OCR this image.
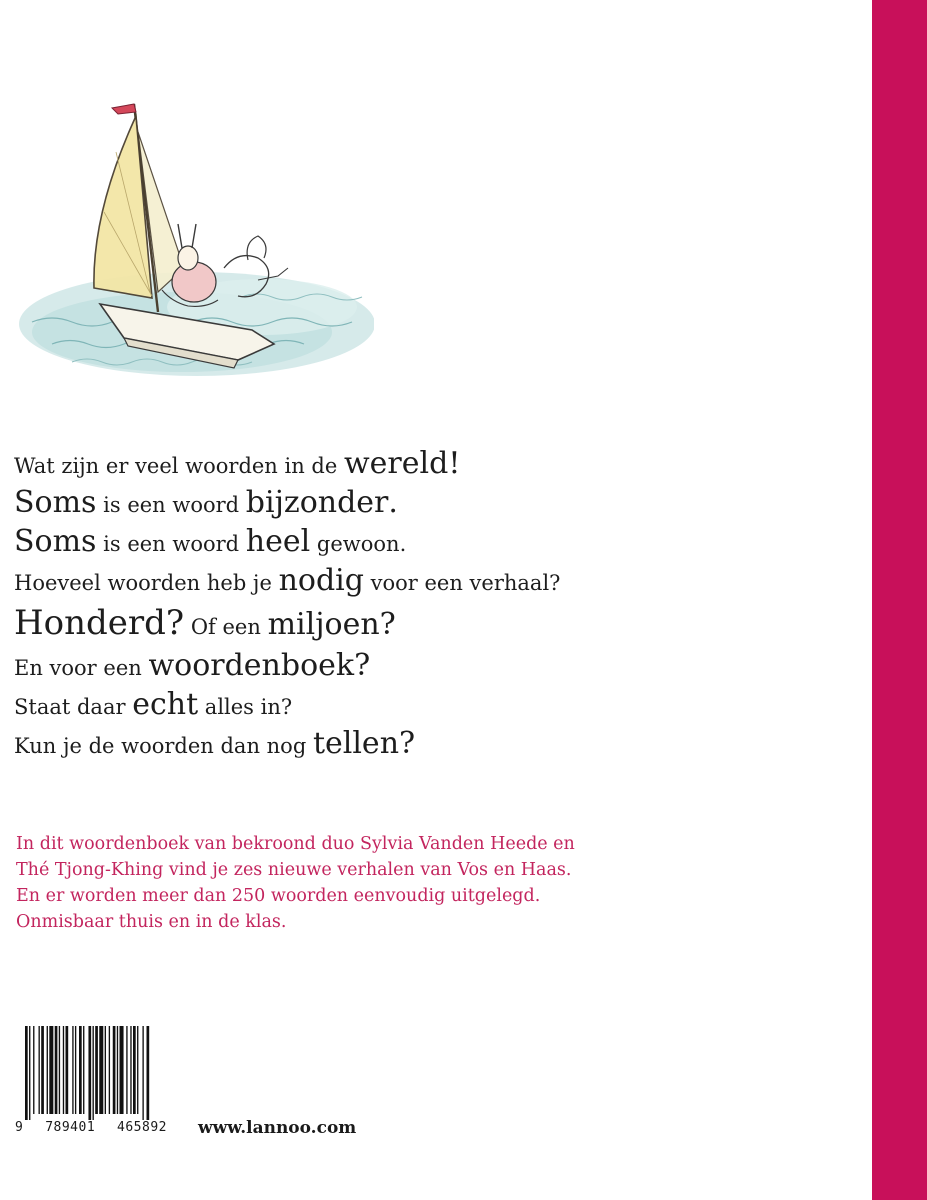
Wat zijn er veel woorden in de wereld !
Soms is een woord bijzonder .
Soms is een woord heel gewoon.
Hoeveel woorden heb je nodig voor een verhaal?
Honderd? Of een miljoen ?
En voor een woordenboek ?
Staat daar echt alles in?
Kun je de woorden dan nog tellen ?
In dit woordenboek van bekroond duo Sylvia Vanden Heede en
Thé Tjong-Khing vind je zes nieuwe verhalen van Vos en Haas.
En er worden meer dan 250 woorden eenvoudig uitgelegd.
Onmisbaar thuis en in de klas.
9 789401 465892 www.lannoo.com
